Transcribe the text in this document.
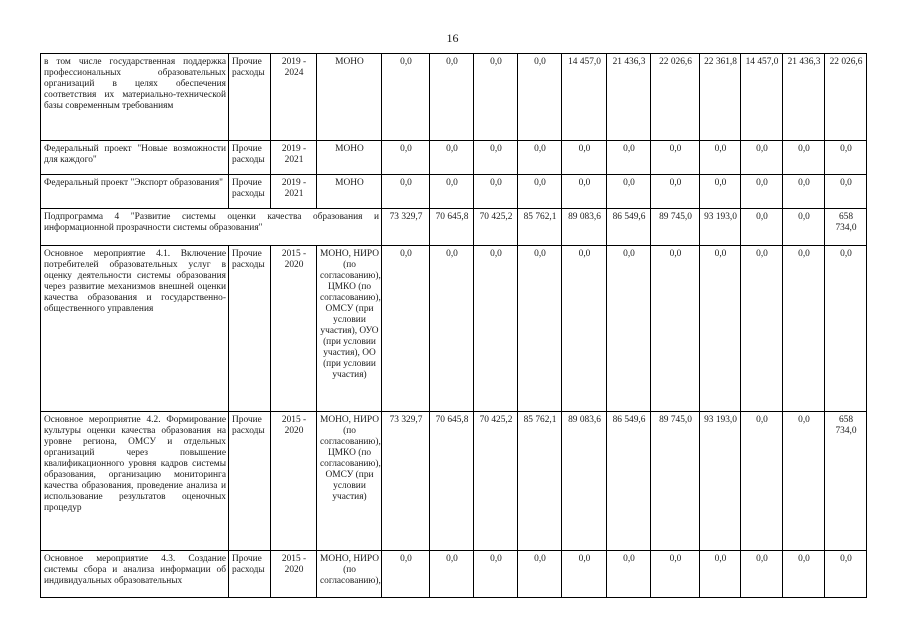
16
в том числе государственная поддержка профессиональных образовательных организаций в целях обеспечения соответствия их материально-технической базы современным требованиям	Прочие расходы	2019 - 2024	МОНО	0,0	0,0	0,0	0,0	14 457,0	21 436,3	22 026,6	22 361,8	14 457,0	21 436,3	22 026,6
Федеральный проект "Новые возможности для каждого"	Прочие расходы	2019 - 2021	МОНО	0,0	0,0	0,0	0,0	0,0	0,0	0,0	0,0	0,0	0,0	0,0
Федеральный проект "Экспорт образования"	Прочие расходы	2019 - 2021	МОНО	0,0	0,0	0,0	0,0	0,0	0,0	0,0	0,0	0,0	0,0	0,0
Подпрограмма 4 "Развитие системы оценки качества образования и информационной прозрачности системы образования"				73 329,7	70 645,8	70 425,2	85 762,1	89 083,6	86 549,6	89 745,0	93 193,0	0,0	0,0	658 734,0
Основное мероприятие 4.1. Включение потребителей образовательных услуг в оценку деятельности системы образования через развитие механизмов внешней оценки качества образования и государственно-общественного управления	Прочие расходы	2015 - 2020	МОНО, НИРО (по согласованию), ЦМКО (по согласованию), ОМСУ (при условии участия), ОУО (при условии участия), ОО (при условии участия)	0,0	0,0	0,0	0,0	0,0	0,0	0,0	0,0	0,0	0,0	0,0
Основное мероприятие 4.2. Формирование культуры оценки качества образования на уровне региона, ОМСУ и отдельных организаций через повышение квалификационного уровня кадров системы образования, организацию мониторинга качества образования, проведение анализа и использование результатов оценочных процедур	Прочие расходы	2015 - 2020	МОНО, НИРО (по согласованию), ЦМКО (по согласованию), ОМСУ (при условии участия)	73 329,7	70 645,8	70 425,2	85 762,1	89 083,6	86 549,6	89 745,0	93 193,0	0,0	0,0	658 734,0
Основное мероприятие 4.3. Создание системы сбора и анализа информации об индивидуальных образовательных	Прочие расходы	2015 - 2020	МОНО, НИРО (по согласованию),	0,0	0,0	0,0	0,0	0,0	0,0	0,0	0,0	0,0	0,0	0,0
